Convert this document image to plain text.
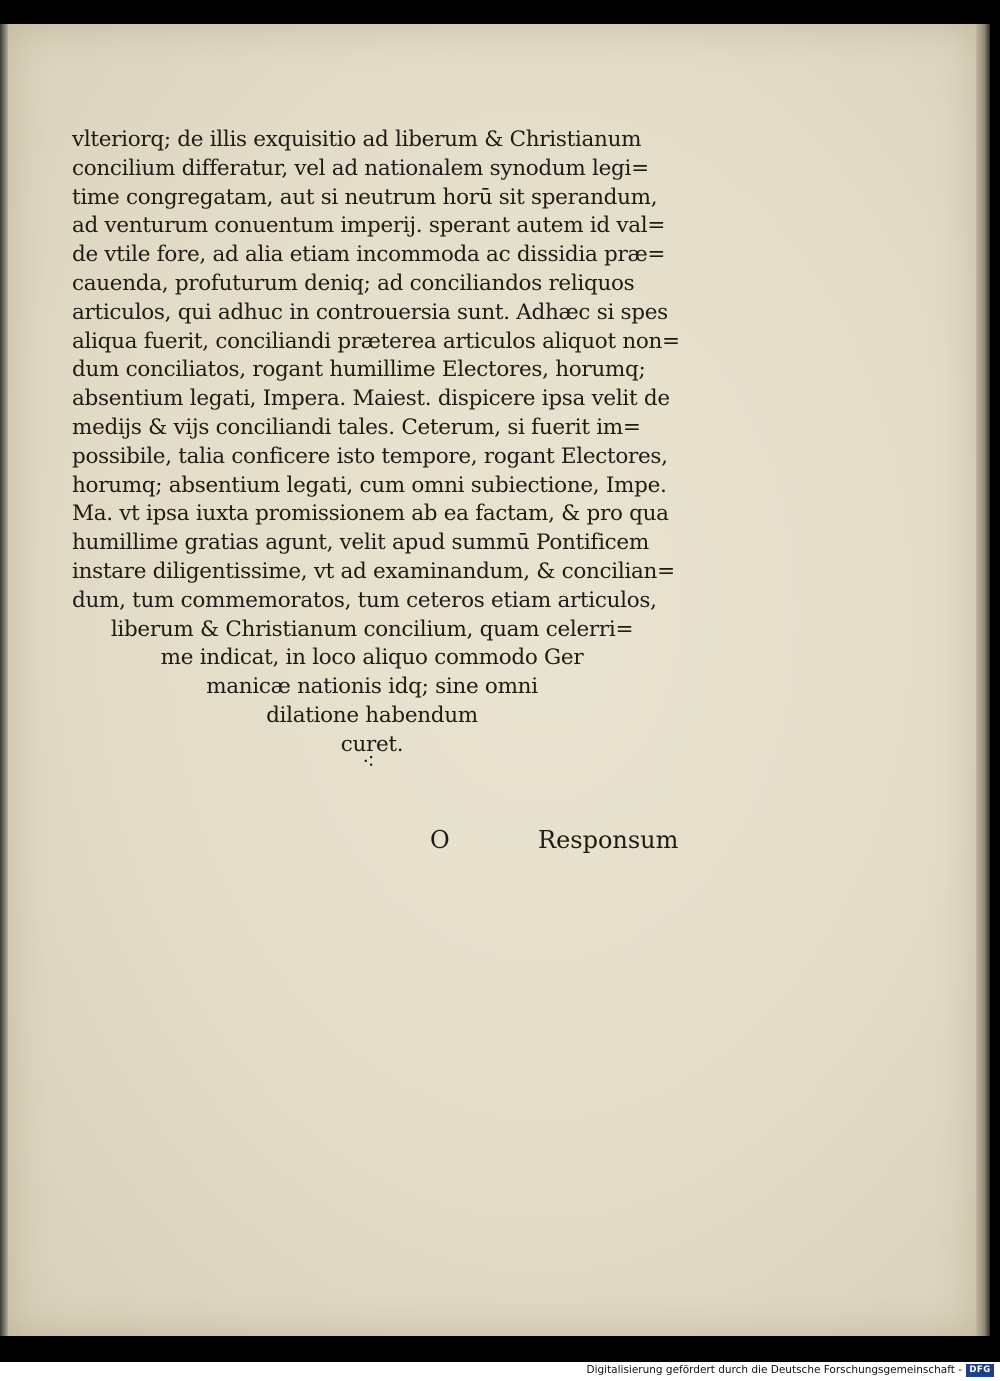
vlteriorq; de illis exquisitio ad liberum & Christianum
concilium differatur, vel ad nationalem synodum legi=
time congregatam, aut si neutrum horū sit sperandum,
ad venturum conuentum imperij. sperant autem id val=
de vtile fore, ad alia etiam incommoda ac dissidia præ=
cauenda, profuturum deniq; ad conciliandos reliquos
articulos, qui adhuc in controuersia sunt. Adhæc si spes
aliqua fuerit, conciliandi præterea articulos aliquot non=
dum conciliatos, rogant humillime Electores, horumq;
absentium legati, Impera. Maiest. dispicere ipsa velit de
medijs & vijs conciliandi tales. Ceterum, si fuerit im=
possibile, talia conficere isto tempore, rogant Electores,
horumq; absentium legati, cum omni subiectione, Impe.
Ma. vt ipsa iuxta promissionem ab ea factam, & pro qua
humillime gratias agunt, velit apud summū Pontificem
instare diligentissime, vt ad examinandum, & concilian=
dum, tum commemoratos, tum ceteros etiam articulos,
liberum & Christianum concilium, quam celerri=
me indicat, in loco aliquo commodo Ger
manicæ nationis idq; sine omni
dilatione habendum
curet.
⁖
O	Responsum
Digitalisierung gefördert durch die Deutsche Forschungsgemeinschaft - DFG
